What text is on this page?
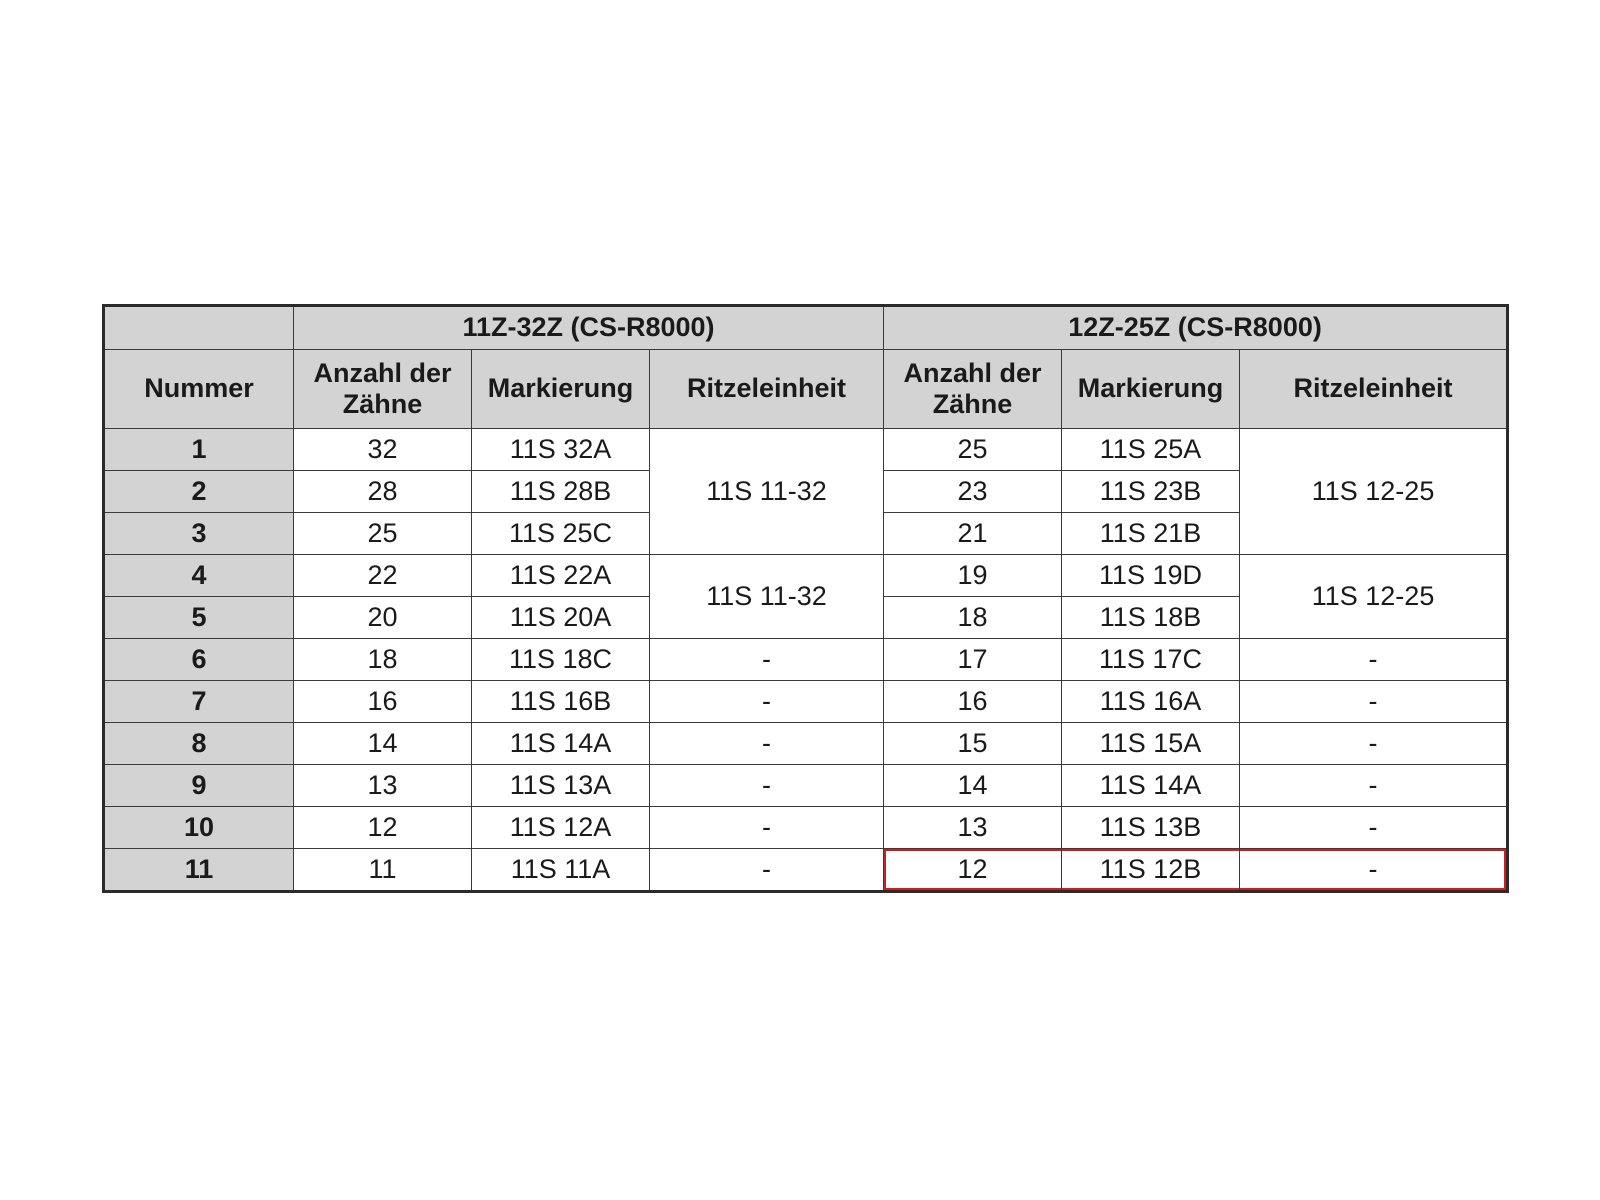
	11Z-32Z (CS-R8000)			12Z-25Z (CS-R8000)		
Nummer	Anzahl der Zähne	Markierung	Ritzeleinheit	Anzahl der Zähne	Markierung	Ritzeleinheit
1	32	11S 32A	11S 11-32	25	11S 25A	11S 12-25
2	28	11S 28B		23	11S 23B	
3	25	11S 25C		21	11S 21B	
4	22	11S 22A	11S 11-32	19	11S 19D	11S 12-25
5	20	11S 20A		18	11S 18B	
6	18	11S 18C	-	17	11S 17C	-
7	16	11S 16B	-	16	11S 16A	-
8	14	11S 14A	-	15	11S 15A	-
9	13	11S 13A	-	14	11S 14A	-
10	12	11S 12A	-	13	11S 13B	-
11	11	11S 11A	-	12	11S 12B	-
